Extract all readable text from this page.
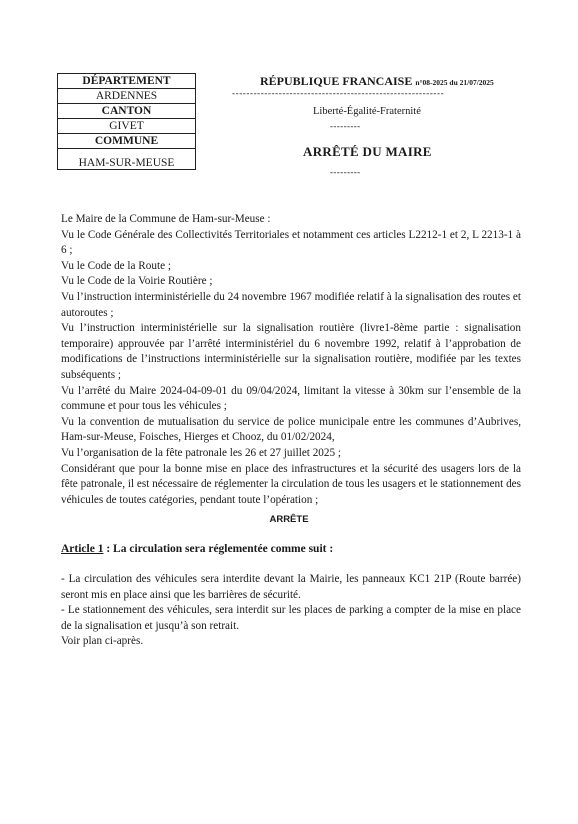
DÉPARTEMENT
ARDENNES
CANTON
GIVET
COMMUNE
HAM-SUR-MEUSE
RÉPUBLIQUE FRANCAISE n°08-2025 du 21/07/2025
-----------------------------------------------------------
Liberté-Égalité-Fraternité
---------
ARRÊTÉ DU MAIRE
---------

Le Maire de la Commune de Ham-sur-Meuse :

Vu le Code Générale des Collectivités Territoriales et notamment ces articles L2212-1 et 2, L 2213-1 à 6 ;

Vu le Code de la Route ;

Vu le Code de la Voirie Routière ;

Vu l’instruction interministérielle du 24 novembre 1967 modifiée relatif à la signalisation des routes et autoroutes ;

Vu l’instruction interministérielle sur la signalisation routière (livre1-8ème partie : signalisation temporaire) approuvée par l’arrêté interministériel du 6 novembre 1992, relatif à l’approbation de modifications de l’instructions interministérielle sur la signalisation routière, modifiée par les textes subséquents ;

Vu l’arrêté du Maire 2024-04-09-01 du 09/04/2024, limitant la vitesse à 30km sur l’ensemble de la commune et pour tous les véhicules ;

Vu la convention de mutualisation du service de police municipale entre les communes d’Aubrives, Ham-sur-Meuse, Foisches, Hierges et Chooz, du 01/02/2024,

Vu l’organisation de la fête patronale les 26 et 27 juillet 2025 ;

Considérant que pour la bonne mise en place des infrastructures et la sécurité des usagers lors de la fête patronale, il est nécessaire de réglementer la circulation de tous les usagers et le stationnement des véhicules de toutes catégories, pendant toute l’opération ;

ARRÊTE
Article 1 : La circulation sera réglementée comme suit :

- La circulation des véhicules sera interdite devant la Mairie, les panneaux KC1 21P (Route barrée) seront mis en place ainsi que les barrières de sécurité.

- Le stationnement des véhicules, sera interdit sur les places de parking a compter de la mise en place de la signalisation et jusqu’à son retrait.

Voir plan ci-après.
